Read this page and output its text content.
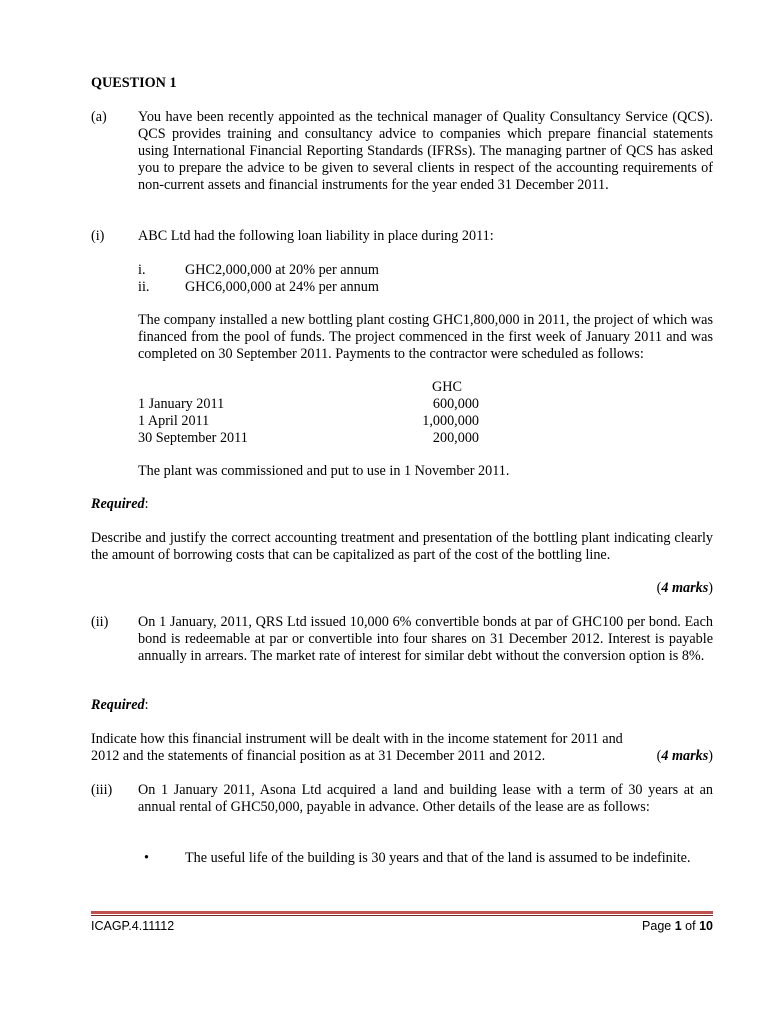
QUESTION 1
(a) You have been recently appointed as the technical manager of Quality Consultancy Service (QCS). QCS provides training and consultancy advice to companies which prepare financial statements using International Financial Reporting Standards (IFRSs). The managing partner of QCS has asked you to prepare the advice to be given to several clients in respect of the accounting requirements of non-current assets and financial instruments for the year ended 31 December 2011.
(i) ABC Ltd had the following loan liability in place during 2011:
i.	GHC2,000,000 at 20% per annum
ii.	GHC6,000,000 at 24% per annum
The company installed a new bottling plant costing GHC1,800,000 in 2011, the project of which was financed from the pool of funds. The project commenced in the first week of January 2011 and was completed on 30 September 2011. Payments to the contractor were scheduled as follows:
GHC
1 January 2011	600,000
1 April 2011	1,000,000
30 September 2011	200,000
The plant was commissioned and put to use in 1 November 2011.
Required:
Describe and justify the correct accounting treatment and presentation of the bottling plant indicating clearly the amount of borrowing costs that can be capitalized as part of the cost of the bottling line.
(4 marks)
(ii) On 1 January, 2011, QRS Ltd issued 10,000 6% convertible bonds at par of GHC100 per bond. Each bond is redeemable at par or convertible into four shares on 31 December 2012. Interest is payable annually in arrears. The market rate of interest for similar debt without the conversion option is 8%.
Required:
Indicate how this financial instrument will be dealt with in the income statement for 2011 and 2012 and the statements of financial position as at 31 December 2011 and 2012.	(4 marks)
(iii) On 1 January 2011, Asona Ltd acquired a land and building lease with a term of 30 years at an annual rental of GHC50,000, payable in advance. Other details of the lease are as follows:
•	The useful life of the building is 30 years and that of the land is assumed to be indefinite.
ICAGP.4.11112	Page 1 of 10
